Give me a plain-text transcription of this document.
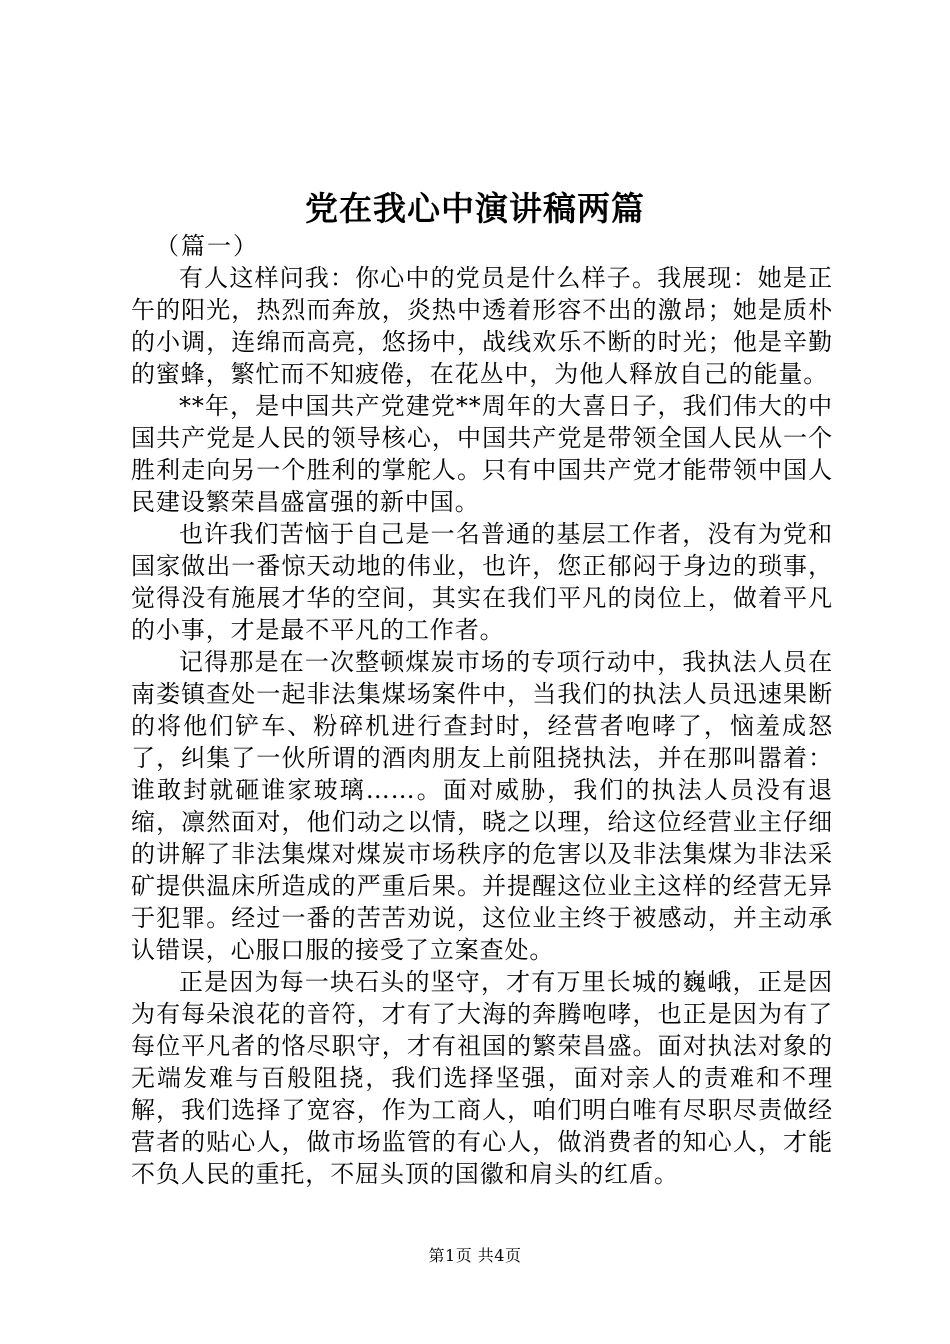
党在我心中演讲稿两篇

（篇一）

有人这样问我：你心中的党员是什么样子。我展现：她是正午的阳光，热烈而奔放，炎热中透着形容不出的激昂；她是质朴的小调，连绵而高亮，悠扬中，战线欢乐不断的时光；他是辛勤的蜜蜂，繁忙而不知疲倦，在花丛中，为他人释放自己的能量。

**年，是中国共产党建党**周年的大喜日子，我们伟大的中国共产党是人民的领导核心，中国共产党是带领全国人民从一个胜利走向另一个胜利的掌舵人。只有中国共产党才能带领中国人民建设繁荣昌盛富强的新中国。

也许我们苦恼于自己是一名普通的基层工作者，没有为党和国家做出一番惊天动地的伟业，也许，您正郁闷于身边的琐事，觉得没有施展才华的空间，其实在我们平凡的岗位上，做着平凡的小事，才是最不平凡的工作者。

记得那是在一次整顿煤炭市场的专项行动中，我执法人员在南娄镇查处一起非法集煤场案件中，当我们的执法人员迅速果断的将他们铲车、粉碎机进行查封时，经营者咆哮了，恼羞成怒了，纠集了一伙所谓的酒肉朋友上前阻挠执法，并在那叫嚣着：谁敢封就砸谁家玻璃……。面对威胁，我们的执法人员没有退缩，凛然面对，他们动之以情，晓之以理，给这位经营业主仔细的讲解了非法集煤对煤炭市场秩序的危害以及非法集煤为非法采矿提供温床所造成的严重后果。并提醒这位业主这样的经营无异于犯罪。经过一番的苦苦劝说，这位业主终于被感动，并主动承认错误，心服口服的接受了立案查处。

正是因为每一块石头的坚守，才有万里长城的巍峨，正是因为有每朵浪花的音符，才有了大海的奔腾咆哮，也正是因为有了每位平凡者的恪尽职守，才有祖国的繁荣昌盛。面对执法对象的无端发难与百般阻挠，我们选择坚强，面对亲人的责难和不理解，我们选择了宽容，作为工商人，咱们明白唯有尽职尽责做经营者的贴心人，做市场监管的有心人，做消费者的知心人，才能不负人民的重托，不屈头顶的国徽和肩头的红盾。

第1页 共4页
